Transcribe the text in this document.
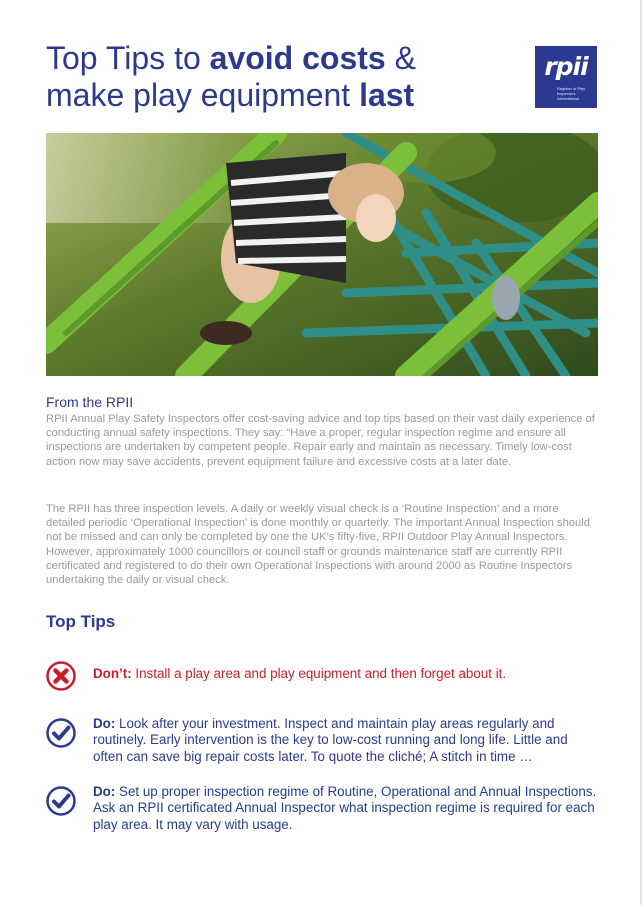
Top Tips to avoid costs &
make play equipment last
rpii
Register of Play Inspectors International
From the RPII

RPII Annual Play Safety Inspectors offer cost-saving advice and top tips based on their vast daily experience of conducting annual safety inspections. They say: “Have a proper, regular inspection regime and ensure all inspections are undertaken by competent people. Repair early and maintain as necessary. Timely low-cost action now may save accidents, prevent equipment failure and excessive costs at a later date.

The RPII has three inspection levels. A daily or weekly visual check is a ‘Routine Inspection’ and a more detailed periodic ‘Operational Inspection’ is done monthly or quarterly. The important Annual Inspection should not be missed and can only be completed by one the UK’s fifty-five, RPII Outdoor Play Annual Inspectors. However, approximately 1000 councillors or council staff or grounds maintenance staff are currently RPII certificated and registered to do their own Operational Inspections with around 2000 as Routine Inspectors undertaking the daily or visual check.

Top Tips
Don’t: Install a play area and play equipment and then forget about it.
Do: Look after your investment. Inspect and maintain play areas regularly and routinely. Early intervention is the key to low-cost running and long life. Little and often can save big repair costs later. To quote the cliché; A stitch in time …
Do: Set up proper inspection regime of Routine, Operational and Annual Inspections. Ask an RPII certificated Annual Inspector what inspection regime is required for each play area. It may vary with usage.
